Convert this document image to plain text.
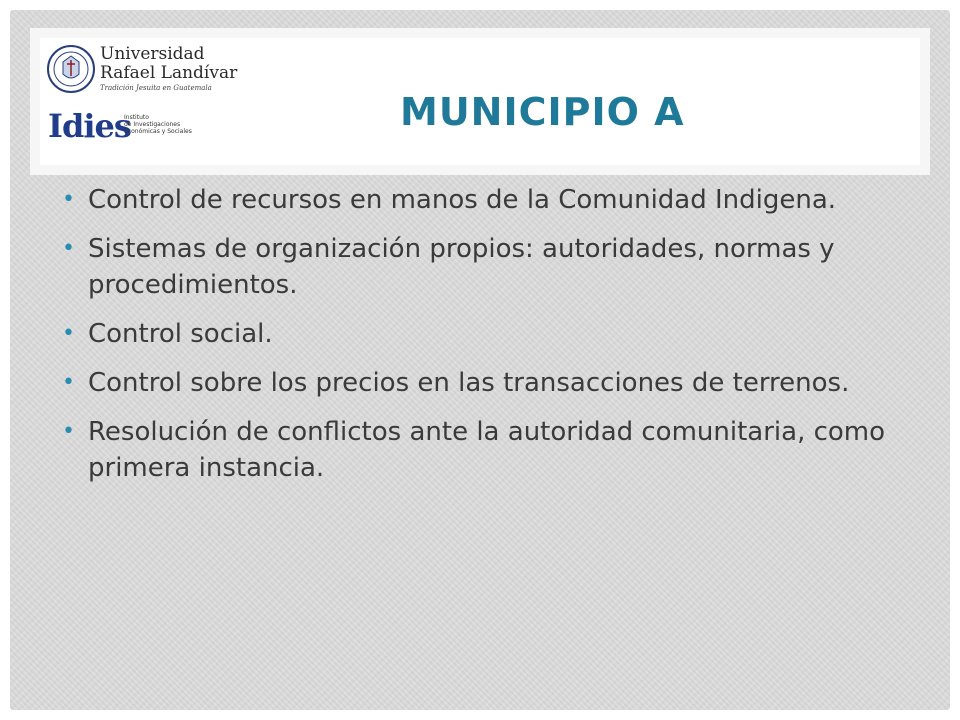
Universidad
Rafael Landívar
Tradición Jesuita en Guatemala
Idies
Instituto
de Investigaciones
Económicas y Sociales	MUNICIPIO A
• Control de recursos en manos de la Comunidad Indigena.
• Sistemas de organización propios: autoridades, normas y procedimientos.
• Control social.
• Control sobre los precios en las transacciones de terrenos.
• Resolución de conflictos ante la autoridad comunitaria, como primera instancia.
